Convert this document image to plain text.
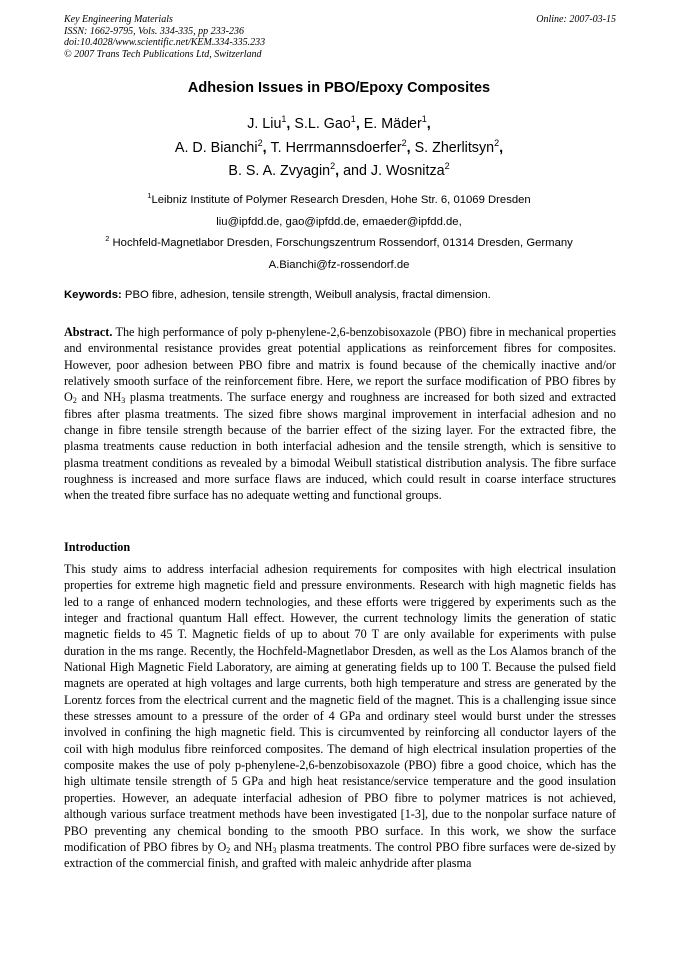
Key Engineering Materials
ISSN: 1662-9795, Vols. 334-335, pp 233-236
doi:10.4028/www.scientific.net/KEM.334-335.233
© 2007 Trans Tech Publications Ltd, Switzerland
Online: 2007-03-15
Adhesion Issues in PBO/Epoxy Composites
J. Liu$^1$, S.L. Gao$^1$, E. Mäder$^1$,
A. D. Bianchi$^2$, T. Herrmannsdoerfer$^2$, S. Zherlitsyn$^2$,
B. S. A. Zvyagin$^2$, and J. Wosnitza$^2$
$^1$Leibniz Institute of Polymer Research Dresden, Hohe Str. 6, 01069 Dresden
liu@ipfdd.de, gao@ipfdd.de, emaeder@ipfdd.de,
$^2$ Hochfeld-Magnetlabor Dresden, Forschungszentrum Rossendorf, 01314 Dresden, Germany
A.Bianchi@fz-rossendorf.de
Keywords: PBO fibre, adhesion, tensile strength, Weibull analysis, fractal dimension.
Abstract. The high performance of poly p-phenylene-2,6-benzobisoxazole (PBO) fibre in mechanical properties and environmental resistance provides great potential applications as reinforcement fibres for composites. However, poor adhesion between PBO fibre and matrix is found because of the chemically inactive and/or relatively smooth surface of the reinforcement fibre. Here, we report the surface modification of PBO fibres by $O_2$ and $NH_3$ plasma treatments. The surface energy and roughness are increased for both sized and extracted fibres after plasma treatments. The sized fibre shows marginal improvement in interfacial adhesion and no change in fibre tensile strength because of the barrier effect of the sizing layer. For the extracted fibre, the plasma treatments cause reduction in both interfacial adhesion and the tensile strength, which is sensitive to plasma treatment conditions as revealed by a bimodal Weibull statistical distribution analysis. The fibre surface roughness is increased and more surface flaws are induced, which could result in coarse interface structures when the treated fibre surface has no adequate wetting and functional groups.
Introduction
This study aims to address interfacial adhesion requirements for composites with high electrical insulation properties for extreme high magnetic field and pressure environments. Research with high magnetic fields has led to a range of enhanced modern technologies, and these efforts were triggered by experiments such as the integer and fractional quantum Hall effect. However, the current technology limits the generation of static magnetic fields to 45 T. Magnetic fields of up to about 70 T are only available for experiments with pulse duration in the ms range. Recently, the Hochfeld-Magnetlabor Dresden, as well as the Los Alamos branch of the National High Magnetic Field Laboratory, are aiming at generating fields up to 100 T. Because the pulsed field magnets are operated at high voltages and large currents, both high temperature and stress are generated by the Lorentz forces from the electrical current and the magnetic field of the magnet. This is a challenging issue since these stresses amount to a pressure of the order of 4 GPa and ordinary steel would burst under the stresses involved in confining the high magnetic field. This is circumvented by reinforcing all conductor layers of the coil with high modulus fibre reinforced composites. The demand of high electrical insulation properties of the composite makes the use of poly p-phenylene-2,6-benzobisoxazole (PBO) fibre a good choice, which has the high ultimate tensile strength of 5 GPa and high heat resistance/service temperature and the good insulation properties. However, an adequate interfacial adhesion of PBO fibre to polymer matrices is not achieved, although various surface treatment methods have been investigated [1-3], due to the nonpolar surface nature of PBO preventing any chemical bonding to the smooth PBO surface. In this work, we show the surface modification of PBO fibres by $O_2$ and $NH_3$ plasma treatments. The control PBO fibre surfaces were de-sized by extraction of the commercial finish, and grafted with maleic anhydride after plasma
